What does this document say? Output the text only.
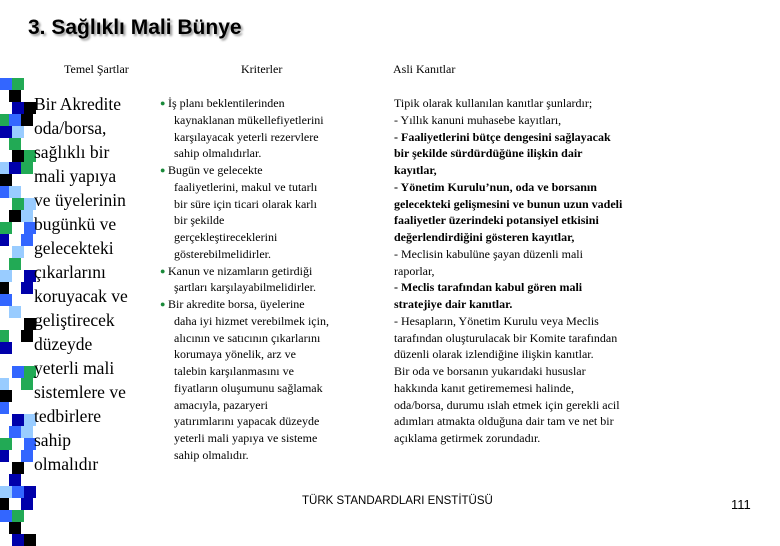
3. Sağlıklı Mali Bünye
Temel Şartlar	Kriterler	Asli Kanıtlar
Bir Akredite
oda/borsa,
sağlıklı bir
mali yapıya
ve üyelerinin
bugünkü ve
gelecekteki
çıkarlarını
koruyacak ve
geliştirecek
düzeyde
yeterli mali
sistemlere ve
tedbirlere
sahip
olmalıdır
● İş planı beklentilerinden
kaynaklanan mükellefiyetlerini
karşılayacak yeterli rezervlere
sahip olmalıdırlar.
● Bugün ve gelecekte
faaliyetlerini, makul ve tutarlı
bir süre için ticari olarak karlı
bir şekilde
gerçekleştireceklerini
gösterebilmelidirler.
● Kanun ve nizamların getirdiği
şartları karşılayabilmelidirler.
● Bir akredite borsa, üyelerine
daha iyi hizmet verebilmek için,
alıcının ve satıcının çıkarlarını
korumaya yönelik, arz ve
talebin karşılanmasını ve
fiyatların oluşumunu sağlamak
amacıyla, pazaryeri
yatırımlarını yapacak düzeyde
yeterli mali yapıya ve sisteme
sahip olmalıdır.
Tipik olarak kullanılan kanıtlar şunlardır;
- Yıllık kanuni muhasebe kayıtları,
- Faaliyetlerini bütçe dengesini sağlayacak
bir şekilde sürdürdüğüne ilişkin dair
kayıtlar,
- Yönetim Kurulu’nun, oda ve borsanın
gelecekteki gelişmesini ve bunun uzun vadeli
faaliyetler üzerindeki potansiyel etkisini
değerlendirdiğini gösteren kayıtlar,
- Meclisin kabulüne şayan düzenli mali
raporlar,
- Meclis tarafından kabul gören mali
stratejiye dair kanıtlar.
- Hesapların, Yönetim Kurulu veya Meclis
tarafından oluşturulacak bir Komite tarafından
düzenli olarak izlendiğine ilişkin kanıtlar.
Bir oda ve borsanın yukarıdaki hususlar
hakkında kanıt getirememesi halinde,
oda/borsa, durumu ıslah etmek için gerekli acil
adımları atmakta olduğuna dair tam ve net bir
açıklama getirmek zorundadır.
TÜRK STANDARDLARI ENSTİTÜSÜ	111
